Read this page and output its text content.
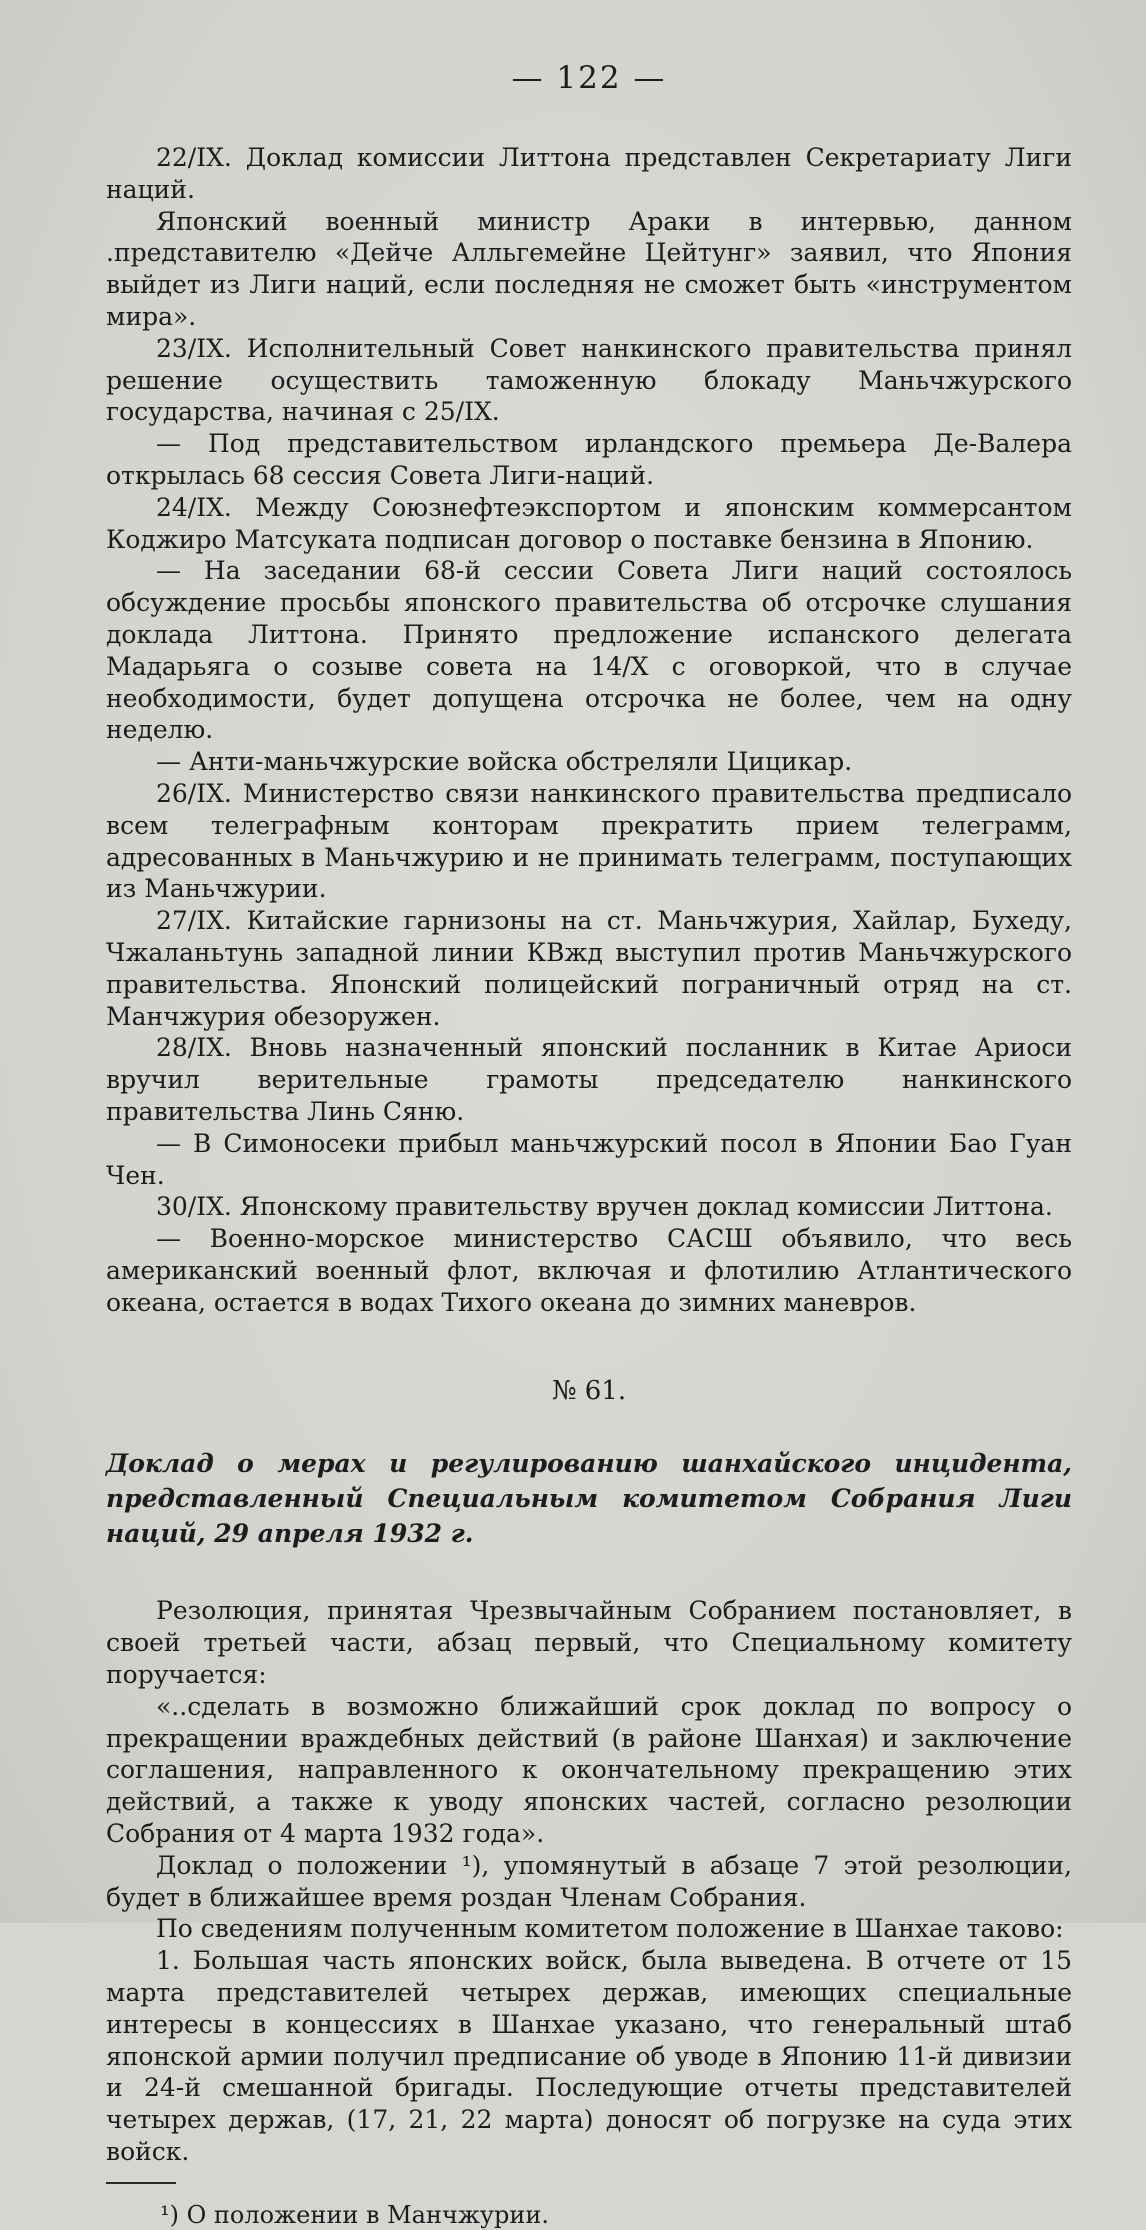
— 122 —

22/IX. Доклад комиссии Литтона представлен Секретариату Лиги наций.

Японский военный министр Араки в интервью, данном .представителю «Дейче Алльгемейне Цейтунг» заявил, что Япония выйдет из Лиги наций, если последняя не сможет быть «инструментом мира».

23/IX. Исполнительный Совет нанкинского правительства принял решение осуществить таможенную блокаду Маньчжурского государства, начиная с 25/IX.

— Под представительством ирландского премьера Де-Валера открылась 68 сессия Совета Лиги-наций.

24/IX. Между Союзнефтеэкспортом и японским коммерсантом Коджиро Матсуката подписан договор о поставке бензина в Японию.

— На заседании 68-й сессии Совета Лиги наций состоялось обсуждение просьбы японского правительства об отсрочке слушания доклада Литтона. Принято предложение испанского делегата Мадарьяга о созыве совета на 14/X с оговоркой, что в случае необходимости, будет допущена отсрочка не более, чем на одну неделю.

— Анти-маньчжурские войска обстреляли Цицикар.

26/IX. Министерство связи нанкинского правительства предписало всем телеграфным конторам прекратить прием телеграмм, адресованных в Маньчжурию и не принимать телеграмм, поступающих из Маньчжурии.

27/IX. Китайские гарнизоны на ст. Маньчжурия, Хайлар, Бухеду, Чжаланьтунь западной линии КВжд выступил против Маньчжурского правительства. Японский полицейский пограничный отряд на ст. Манчжурия обезоружен.

28/IX. Вновь назначенный японский посланник в Китае Ариоси вручил верительные грамоты председателю нанкинского правительства Линь Сяню.

— В Симоносеки прибыл маньчжурский посол в Японии Бао Гуан Чен.

30/IX. Японскому правительству вручен доклад комиссии Литтона.

— Военно-морское министерство САСШ объявило, что весь американский военный флот, включая и флотилию Атлантического океана, остается в водах Тихого океана до зимних маневров.

№ 61.

Доклад о мерах и регулированию шанхайского инцидента, представленный Специальным комитетом Собрания Лиги наций, 29 апреля 1932 г.

Резолюция, принятая Чрезвычайным Собранием постановляет, в своей третьей части, абзац первый, что Специальному комитету поручается:

«..сделать в возможно ближайший срок доклад по вопросу о прекращении враждебных действий (в районе Шанхая) и заключение соглашения, направленного к окончательному прекращению этих действий, а также к уводу японских частей, согласно резолюции Собрания от 4 марта 1932 года».

Доклад о положении ¹), упомянутый в абзаце 7 этой резолюции, будет в ближайшее время роздан Членам Собрания.

По сведениям полученным комитетом положение в Шанхае таково:

1. Большая часть японских войск, была выведена. В отчете от 15 марта представителей четырех держав, имеющих специальные интересы в концессиях в Шанхае указано, что генеральный штаб японской армии получил предписание об уводе в Японию 11-й дивизии и 24-й смешанной бригады. Последующие отчеты представителей четырех держав, (17, 21, 22 марта) доносят об погрузке на суда этих войск.

¹) О положении в Манчжурии.
